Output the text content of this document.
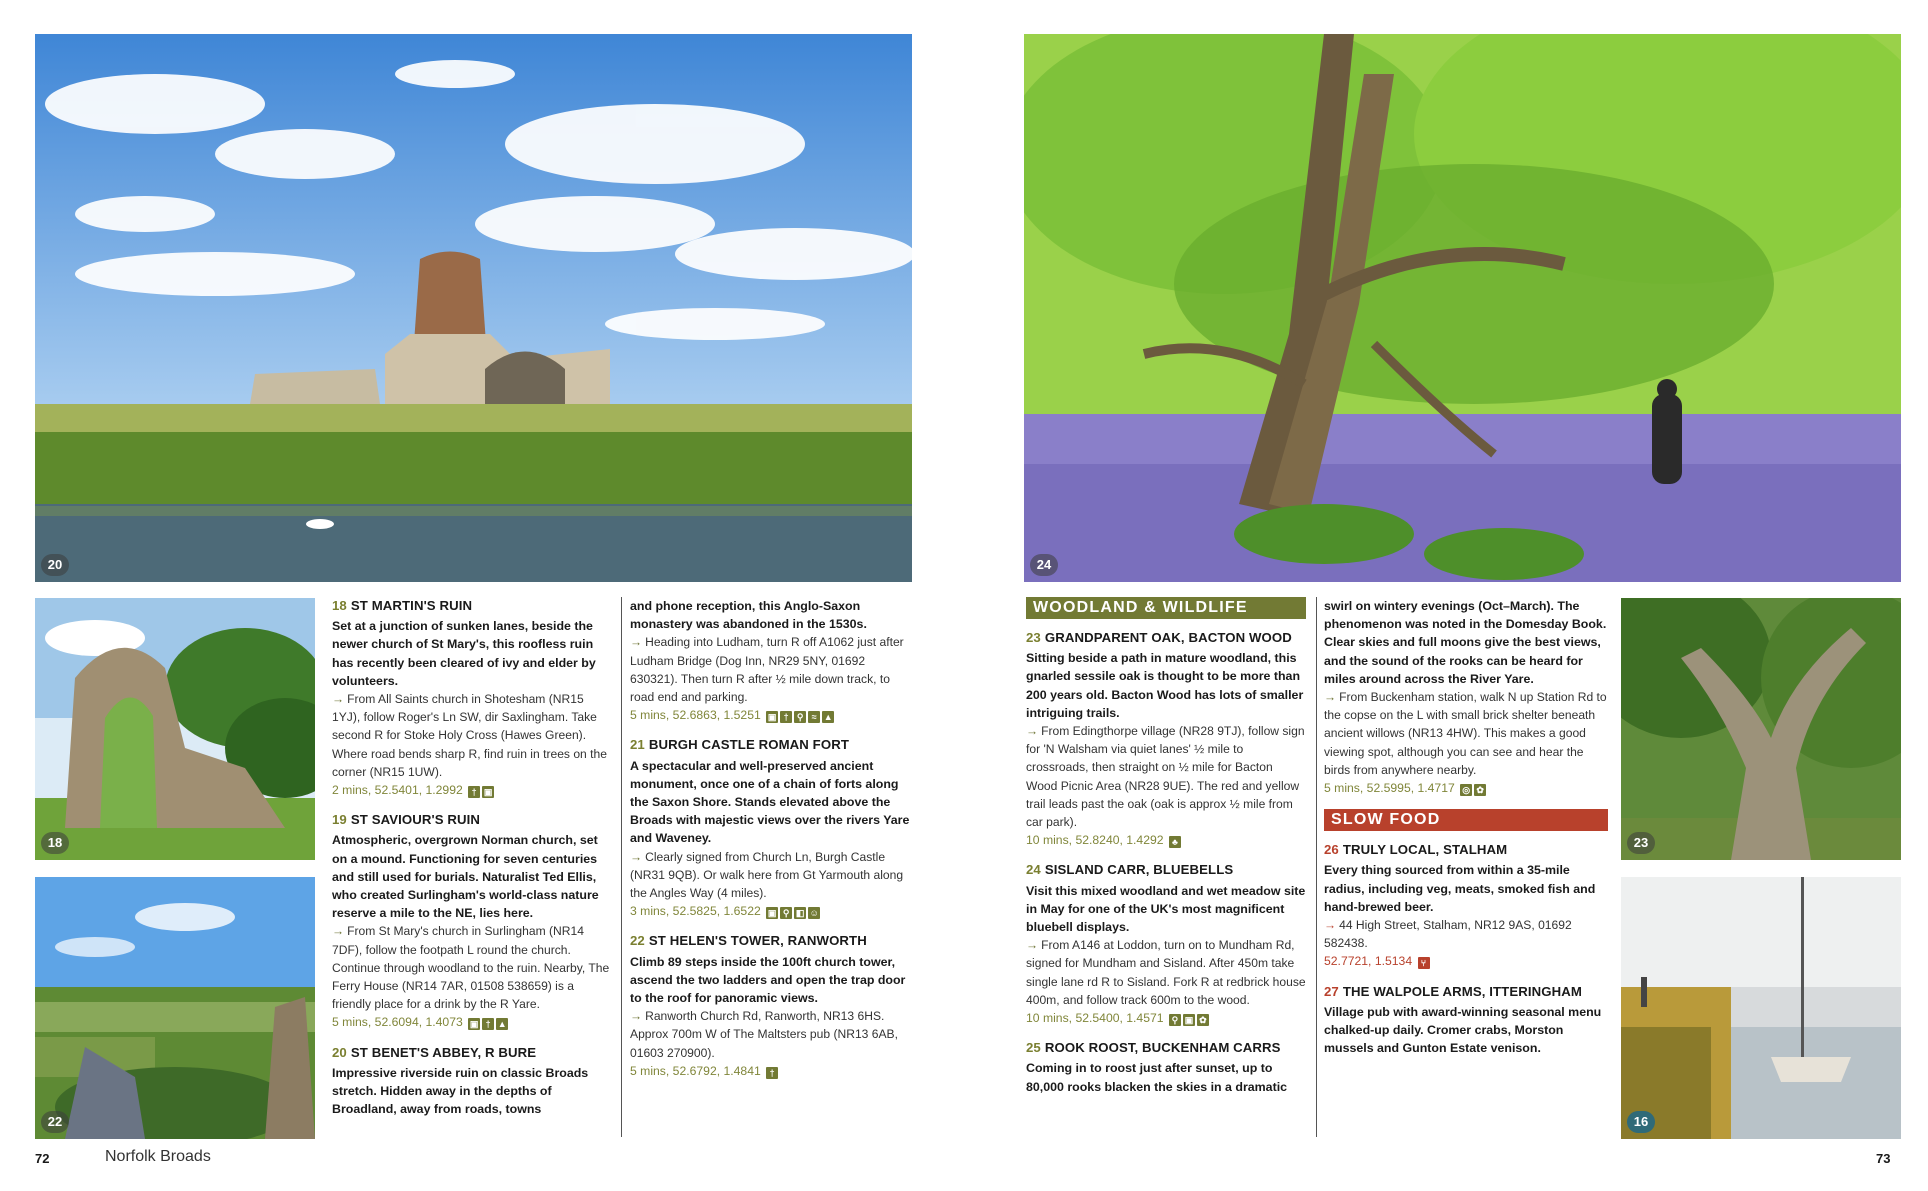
20
18
22
18 ST MARTIN'S RUIN

Set at a junction of sunken lanes, beside the newer church of St Mary's, this roofless ruin has recently been cleared of ivy and elder by volunteers.

→ From All Saints church in Shotesham (NR15 1YJ), follow Roger's Ln SW, dir Saxlingham. Take second R for Stoke Holy Cross (Hawes Green). Where road bends sharp R, find ruin in trees on the corner (NR15 1UW).

2 mins, 52.5401, 1.2992 † ▣

19 ST SAVIOUR'S RUIN

Atmospheric, overgrown Norman church, set on a mound. Functioning for seven centuries and still used for burials. Naturalist Ted Ellis, who created Surlingham's world-class nature reserve a mile to the NE, lies here.

→ From St Mary's church in Surlingham (NR14 7DF), follow the footpath L round the church. Continue through woodland to the ruin. Nearby, The Ferry House (NR14 7AR, 01508 538659) is a friendly place for a drink by the R Yare.

5 mins, 52.6094, 1.4073 ▣ † ▲

20 ST BENET'S ABBEY, R BURE

Impressive riverside ruin on classic Broads stretch. Hidden away in the depths of Broadland, away from roads, towns

and phone reception, this Anglo-Saxon monastery was abandoned in the 1530s.

→ Heading into Ludham, turn R off A1062 just after Ludham Bridge (Dog Inn, NR29 5NY, 01692 630321). Then turn R after ½ mile down track, to road end and parking.

5 mins, 52.6863, 1.5251 ▣ † ⚲ ≈ ▲

21 BURGH CASTLE ROMAN FORT

A spectacular and well-preserved ancient monument, once one of a chain of forts along the Saxon Shore. Stands elevated above the Broads with majestic views over the rivers Yare and Waveney.

→ Clearly signed from Church Ln, Burgh Castle (NR31 9QB). Or walk here from Gt Yarmouth along the Angles Way (4 miles).

3 mins, 52.5825, 1.6522 ▣ ⚲ ◧ ☺

22 ST HELEN'S TOWER, RANWORTH

Climb 89 steps inside the 100ft church tower, ascend the two ladders and open the trap door to the roof for panoramic views.

→ Ranworth Church Rd, Ranworth, NR13 6HS. Approx 700m W of The Maltsters pub (NR13 6AB, 01603 270900).

5 mins, 52.6792, 1.4841 †

72	Norfolk Broads
24
23
16
WOODLAND & WILDLIFE
23 GRANDPARENT OAK, BACTON WOOD

Sitting beside a path in mature woodland, this gnarled sessile oak is thought to be more than 200 years old. Bacton Wood has lots of smaller intriguing trails.

→ From Edingthorpe village (NR28 9TJ), follow sign for 'N Walsham via quiet lanes' ½ mile to crossroads, then straight on ½ mile for Bacton Wood Picnic Area (NR28 9UE). The red and yellow trail leads past the oak (oak is approx ½ mile from car park).

10 mins, 52.8240, 1.4292 ♣

24 SISLAND CARR, BLUEBELLS

Visit this mixed woodland and wet meadow site in May for one of the UK's most magnificent bluebell displays.

→ From A146 at Loddon, turn on to Mundham Rd, signed for Mundham and Sisland. After 450m take single lane rd R to Sisland. Fork R at redbrick house 400m, and follow track 600m to the wood.

10 mins, 52.5400, 1.4571 ⚲ ▣ ✿

25 ROOK ROOST, BUCKENHAM CARRS

Coming in to roost just after sunset, up to 80,000 rooks blacken the skies in a dramatic

swirl on wintery evenings (Oct–March). The phenomenon was noted in the Domesday Book. Clear skies and full moons give the best views, and the sound of the rooks can be heard for miles around across the River Yare.

→ From Buckenham station, walk N up Station Rd to the copse on the L with small brick shelter beneath ancient willows (NR13 4HW). This makes a good viewing spot, although you can see and hear the birds from anywhere nearby.

5 mins, 52.5995, 1.4717 ◎ ✿

SLOW FOOD
26 TRULY LOCAL, STALHAM

Every thing sourced from within a 35-mile radius, including veg, meats, smoked fish and hand-brewed beer.

→ 44 High Street, Stalham, NR12 9AS, 01692 582438.

52.7721, 1.5134 ⑂

27 THE WALPOLE ARMS, ITTERINGHAM

Village pub with award-winning seasonal menu chalked-up daily. Cromer crabs, Morston mussels and Gunton Estate venison.

73
